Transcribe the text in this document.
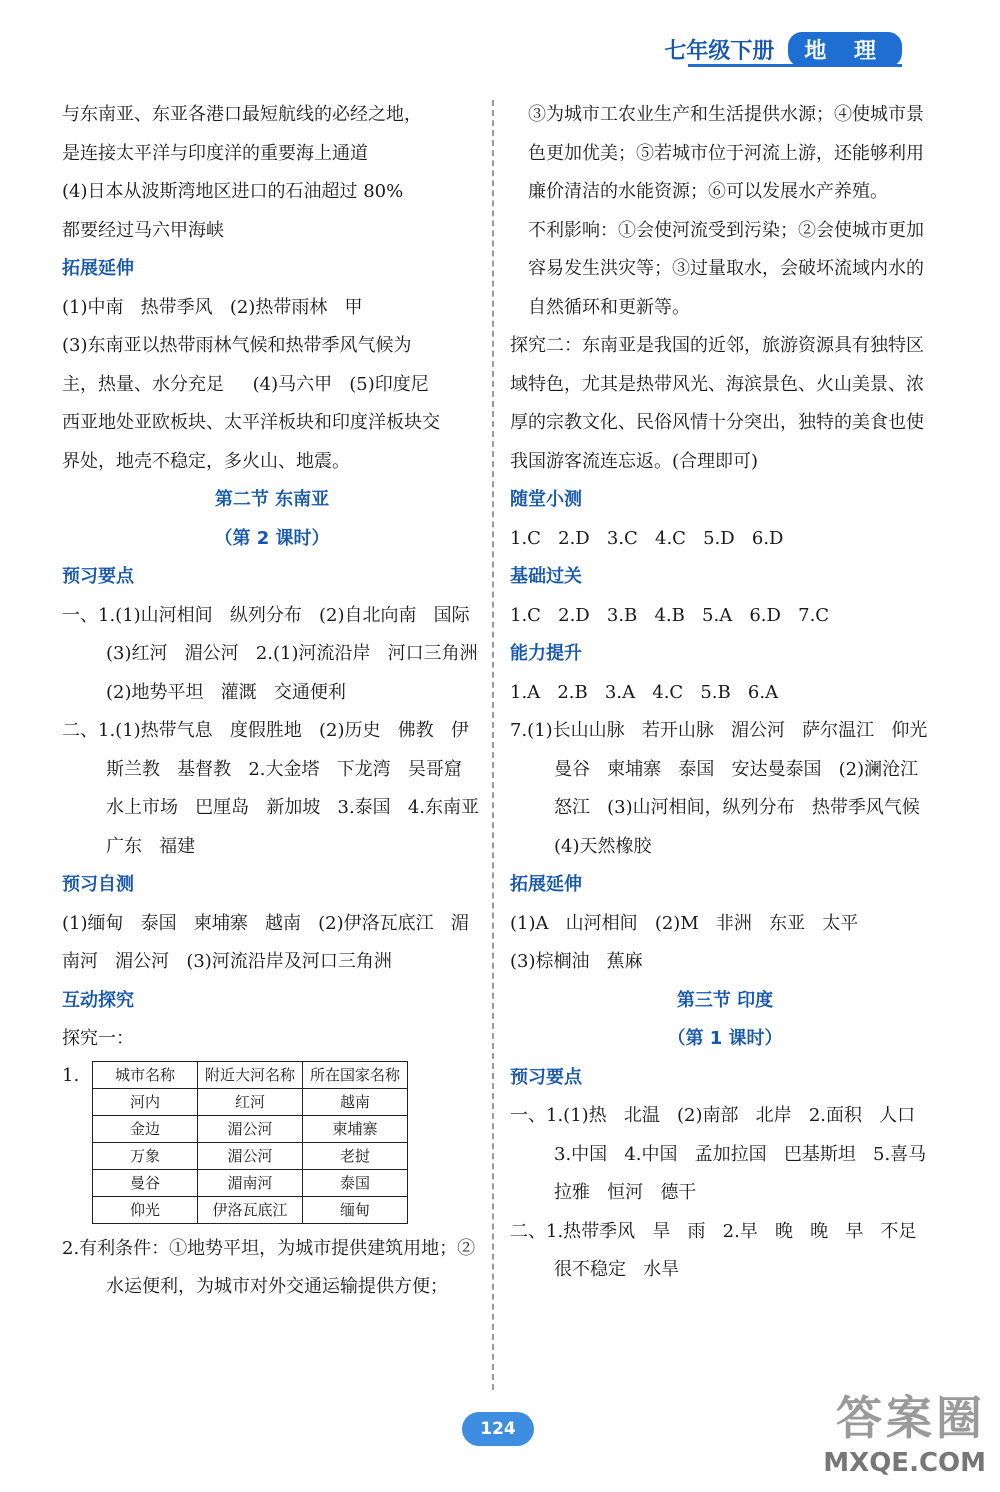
七年级下册	地 理

与东南亚、东亚各港口最短航线的必经之地，

是连接太平洋与印度洋的重要海上通道

(4)日本从波斯湾地区进口的石油超过 80%

都要经过马六甲海峡

拓展延伸

(1)中南   热带季风   (2)热带雨林   甲

(3)东南亚以热带雨林气候和热带季风气候为

主，热量、水分充足     (4)马六甲   (5)印度尼

西亚地处亚欧板块、太平洋板块和印度洋板块交

界处，地壳不稳定，多火山、地震。

第二节 东南亚

（第 2 课时）

预习要点

一、1.(1)山河相间   纵列分布   (2)自北向南   国际   (3)红河   湄公河   2.(1)河流沿岸   河口三角洲   (2)地势平坦   灌溉   交通便利

二、1.(1)热带气息   度假胜地   (2)历史   佛教   伊斯兰教   基督教   2.大金塔   下龙湾   吴哥窟   水上市场   巴厘岛   新加坡   3.泰国   4.东南亚   广东   福建

预习自测

(1)缅甸   泰国   柬埔寨   越南   (2)伊洛瓦底江   湄南河   湄公河   (3)河流沿岸及河口三角洲

互动探究

探究一：

1. 城市名称	附近大河名称	所在国家名称
河内	红河	越南
金边	湄公河	柬埔寨
万象	湄公河	老挝
曼谷	湄南河	泰国
仰光	伊洛瓦底江	缅甸

2.有利条件：①地势平坦，为城市提供建筑用地；②水运便利，为城市对外交通运输提供方便；

③为城市工农业生产和生活提供水源；④使城市景色更加优美；⑤若城市位于河流上游，还能够利用廉价清洁的水能资源；⑥可以发展水产养殖。

不利影响：①会使河流受到污染；②会使城市更加容易发生洪灾等；③过量取水，会破坏流域内水的自然循环和更新等。

探究二：东南亚是我国的近邻，旅游资源具有独特区域特色，尤其是热带风光、海滨景色、火山美景、浓厚的宗教文化、民俗风情十分突出，独特的美食也使我国游客流连忘返。(合理即可)

随堂小测

1.C   2.D   3.C   4.C   5.D   6.D

基础过关

1.C   2.D   3.B   4.B   5.A   6.D   7.C

能力提升

1.A   2.B   3.A   4.C   5.B   6.A

7.(1)长山山脉   若开山脉   湄公河   萨尔温江   仰光   曼谷   柬埔寨   泰国   安达曼泰国   (2)澜沧江   怒江   (3)山河相间，纵列分布   热带季风气候   (4)天然橡胶

拓展延伸

(1)A   山河相间   (2)M   非洲   东亚   太平

(3)棕榈油   蕉麻

第三节 印度

（第 1 课时）

预习要点

一、1.(1)热   北温   (2)南部   北岸   2.面积   人口   3.中国   4.中国   孟加拉国   巴基斯坦   5.喜马拉雅   恒河   德干

二、1.热带季风   旱   雨   2.早   晚   晚   早   不足   很不稳定   水旱

124	答案圈
MXQE.COM
